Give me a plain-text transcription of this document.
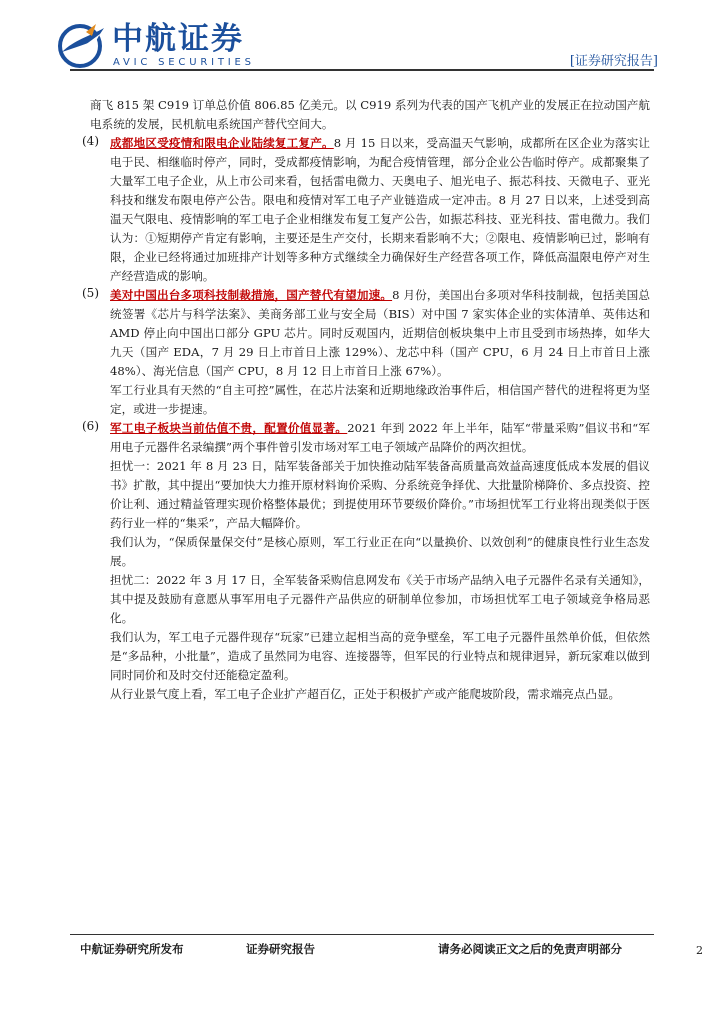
中航证券
AVIC SECURITIES	[证券研究报告]

商飞 815 架 C919 订单总价值 806.85 亿美元。以 C919 系列为代表的国产飞机产业的发展正在拉动国产航电系统的发展，民机航电系统国产替代空间大。

(4) 成都地区受疫情和限电企业陆续复工复产。8 月 15 日以来，受高温天气影响，成都所在区企业为落实让电于民、相继临时停产，同时，受成都疫情影响，为配合疫情管理，部分企业公告临时停产。成都聚集了大量军工电子企业，从上市公司来看，包括雷电微力、天奥电子、旭光电子、振芯科技、天微电子、亚光科技和继发布限电停产公告。限电和疫情对军工电子产业链造成一定冲击。8 月 27 日以来，上述受到高温天气限电、疫情影响的军工电子企业相继发布复工复产公告，如振芯科技、亚光科技、雷电微力。我们认为：①短期停产肯定有影响，主要还是生产交付，长期来看影响不大；②限电、疫情影响已过，影响有限，企业已经将通过加班排产计划等多种方式继续全力确保好生产经营各项工作，降低高温限电停产对生产经营造成的影响。

(5) 美对中国出台多项科技制裁措施，国产替代有望加速。8 月份，美国出台多项对华科技制裁，包括美国总统签署《芯片与科学法案》、美商务部工业与安全局（BIS）对中国 7 家实体企业的实体清单、英伟达和 AMD 停止向中国出口部分 GPU 芯片。同时反观国内，近期信创板块集中上市且受到市场热捧，如华大九天（国产 EDA，7 月 29 日上市首日上涨 129%）、龙芯中科（国产 CPU，6 月 24 日上市首日上涨 48%）、海光信息（国产 CPU，8 月 12 日上市首日上涨 67%）。

军工行业具有天然的“自主可控”属性，在芯片法案和近期地缘政治事件后，相信国产替代的进程将更为坚定，或进一步提速。

(6) 军工电子板块当前估值不贵，配置价值显著。2021 年到 2022 年上半年，陆军“带量采购”倡议书和“军用电子元器件名录编撰”两个事件曾引发市场对军工电子领域产品降价的两次担忧。

担忧一：2021 年 8 月 23 日，陆军装备部关于加快推动陆军装备高质量高效益高速度低成本发展的倡议书》扩散，其中提出“要加快大力推开原材料询价采购、分系统竞争择优、大批量阶梯降价、多点投资、控价让利、通过精益管理实现价格整体最优；到提使用环节要级价降价。”市场担忧军工行业将出现类似于医药行业一样的“集采”，产品大幅降价。

我们认为，“保质保量保交付”是核心原则，军工行业正在向“以量换价、以效创利”的健康良性行业生态发展。

担忧二：2022 年 3 月 17 日，全军装备采购信息网发布《关于市场产品纳入电子元器件名录有关通知》，其中提及鼓励有意愿从事军用电子元器件产品供应的研制单位参加，市场担忧军工电子领域竞争格局恶化。

我们认为，军工电子元器件现存“玩家”已建立起相当高的竞争壁垒，军工电子元器件虽然单价低，但依然是“多品种，小批量”，造成了虽然同为电容、连接器等，但军民的行业特点和规律迥异，新玩家难以做到同时同价和及时交付还能稳定盈利。

从行业景气度上看，军工电子企业扩产超百亿，正处于积极扩产或产能爬坡阶段，需求端亮点凸显。

中航证券研究所发布	证券研究报告	请务必阅读正文之后的免责声明部分	2
